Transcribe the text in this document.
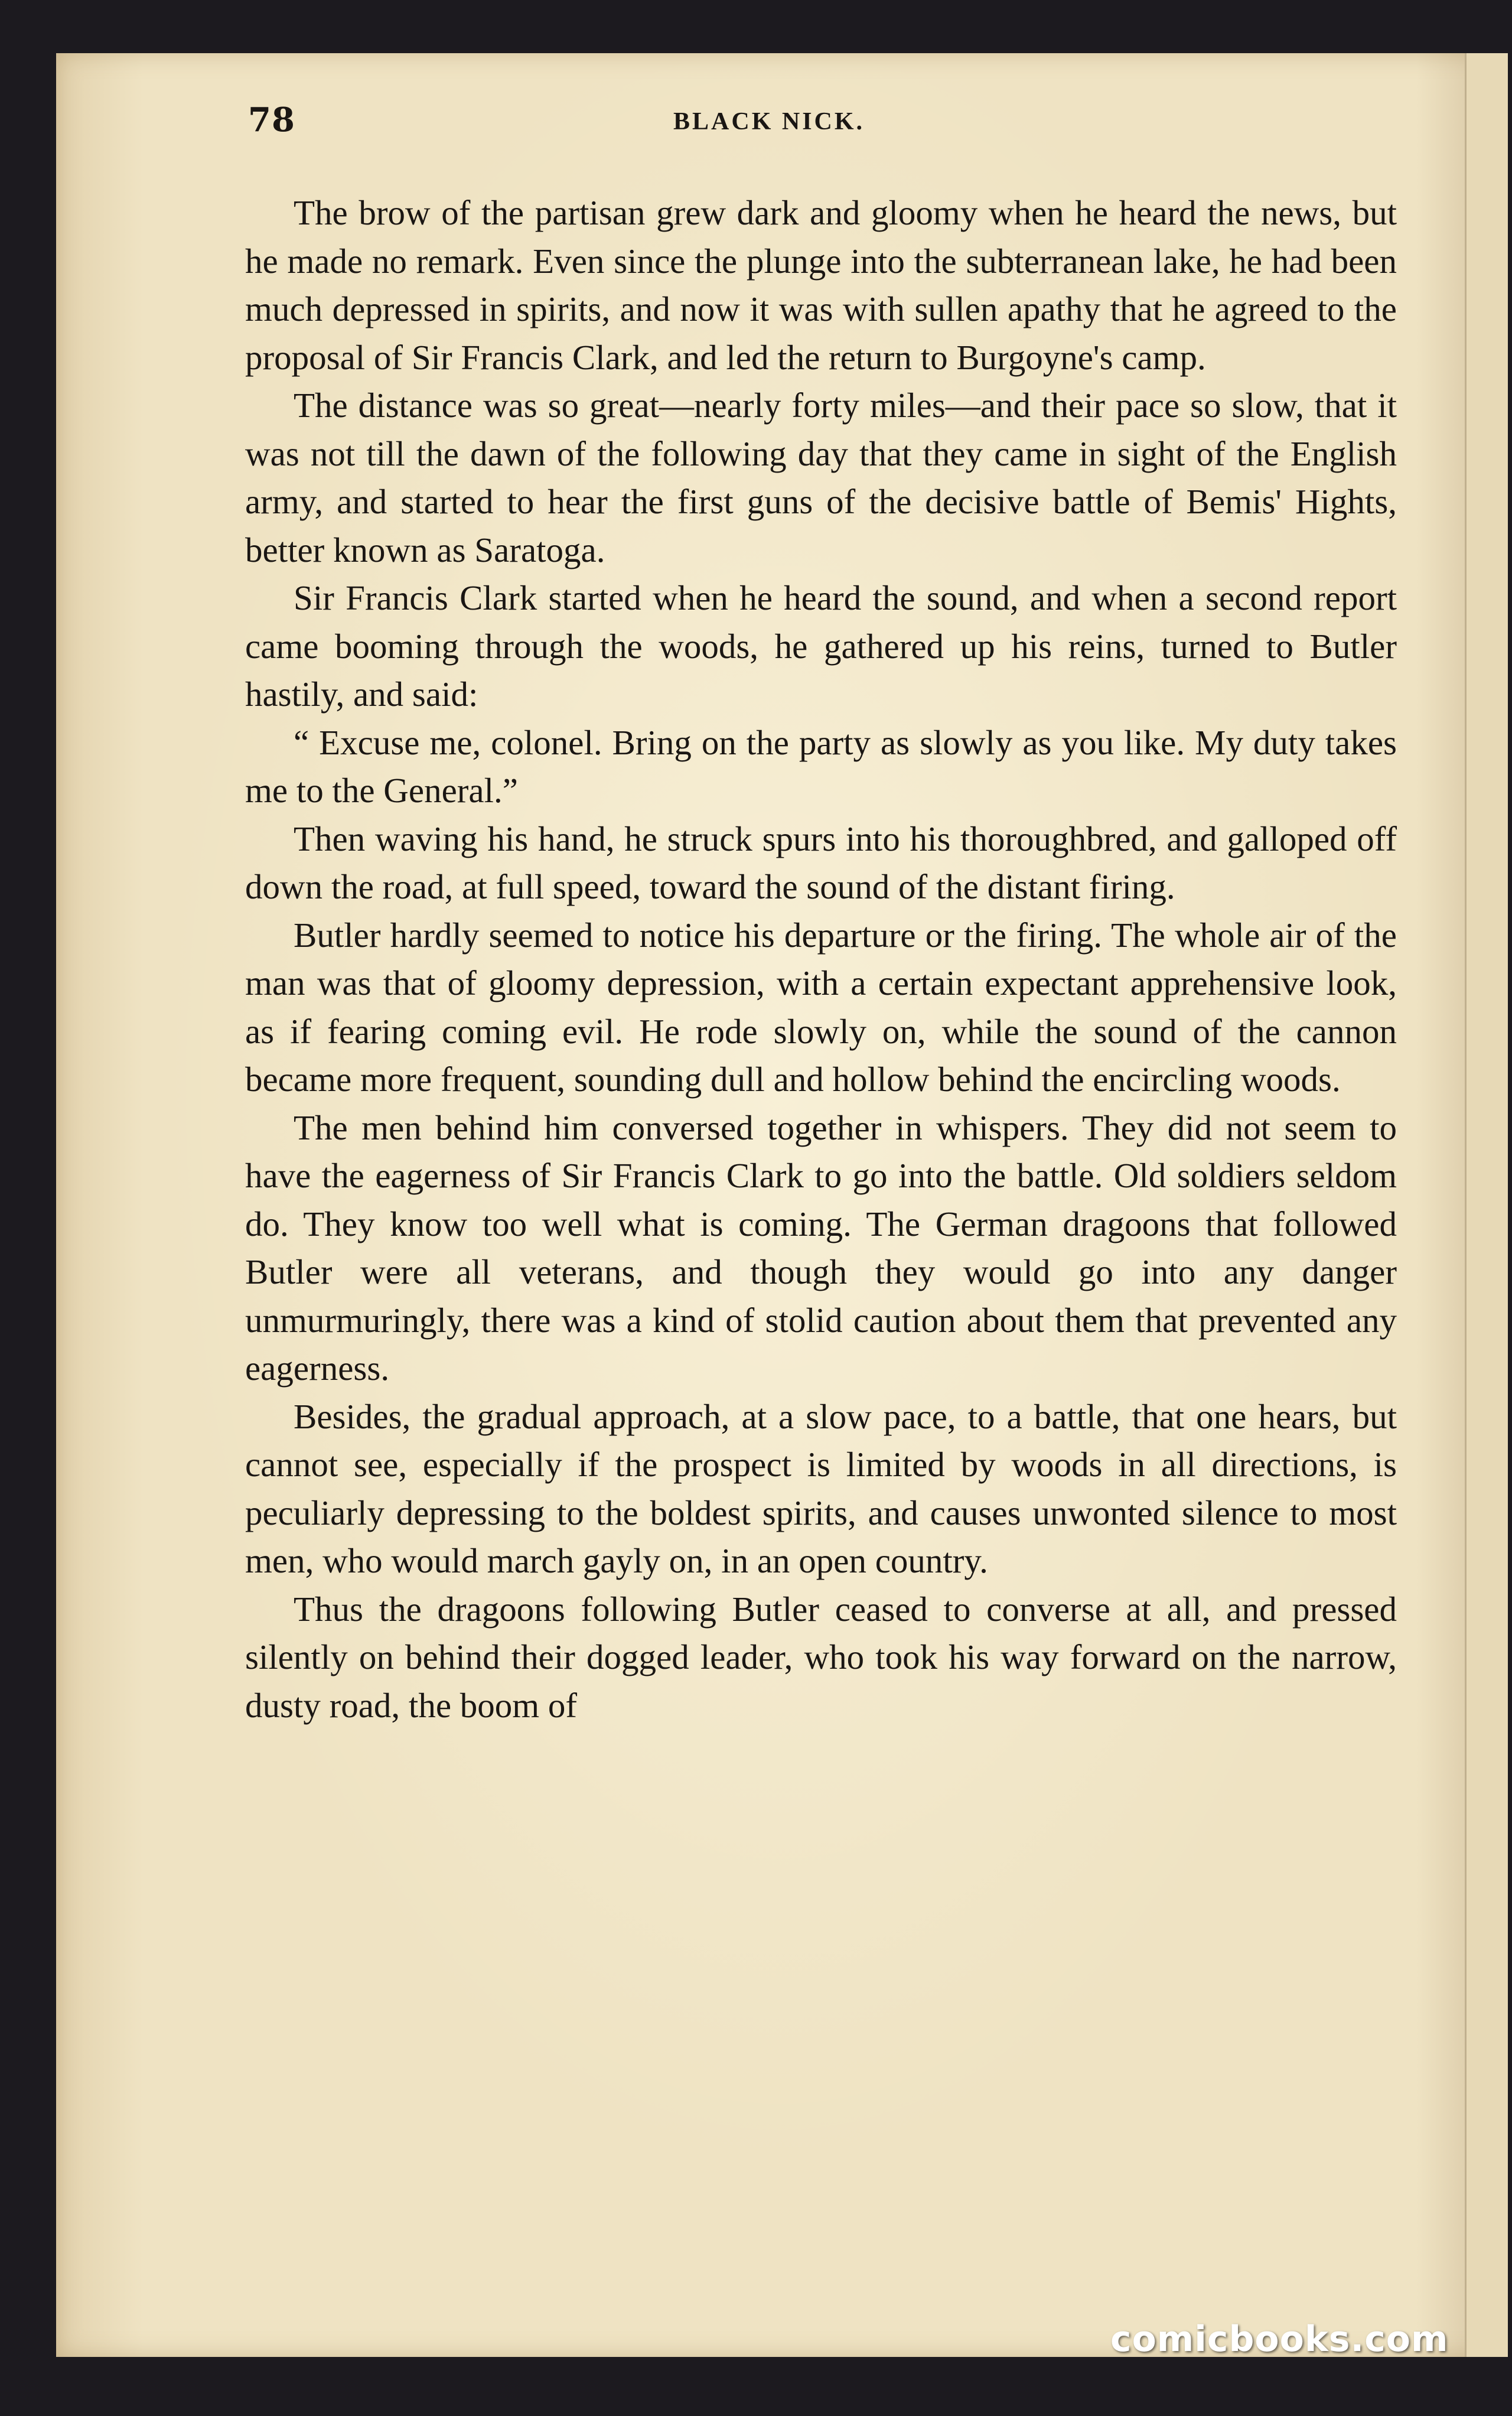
78	BLACK NICK.

The brow of the partisan grew dark and gloomy when he heard the news, but he made no remark. Even since the plunge into the subterranean lake, he had been much depressed in spirits, and now it was with sullen apathy that he agreed to the proposal of Sir Francis Clark, and led the return to Burgoyne's camp.

The distance was so great—nearly forty miles—and their pace so slow, that it was not till the dawn of the following day that they came in sight of the English army, and started to hear the first guns of the decisive battle of Bemis' Hights, better known as Saratoga.

Sir Francis Clark started when he heard the sound, and when a second report came booming through the woods, he gathered up his reins, turned to Butler hastily, and said:

“ Excuse me, colonel. Bring on the party as slowly as you like. My duty takes me to the General.”

Then waving his hand, he struck spurs into his thoroughbred, and galloped off down the road, at full speed, toward the sound of the distant firing.

Butler hardly seemed to notice his departure or the firing. The whole air of the man was that of gloomy depression, with a certain expectant apprehensive look, as if fearing coming evil. He rode slowly on, while the sound of the cannon became more frequent, sounding dull and hollow behind the encircling woods.

The men behind him conversed together in whispers. They did not seem to have the eagerness of Sir Francis Clark to go into the battle. Old soldiers seldom do. They know too well what is coming. The German dragoons that followed Butler were all veterans, and though they would go into any danger unmurmuringly, there was a kind of stolid caution about them that prevented any eagerness.

Besides, the gradual approach, at a slow pace, to a battle, that one hears, but cannot see, especially if the prospect is limited by woods in all directions, is peculiarly depressing to the boldest spirits, and causes unwonted silence to most men, who would march gayly on, in an open country.

Thus the dragoons following Butler ceased to converse at all, and pressed silently on behind their dogged leader, who took his way forward on the narrow, dusty road, the boom of

comicbooks.com
